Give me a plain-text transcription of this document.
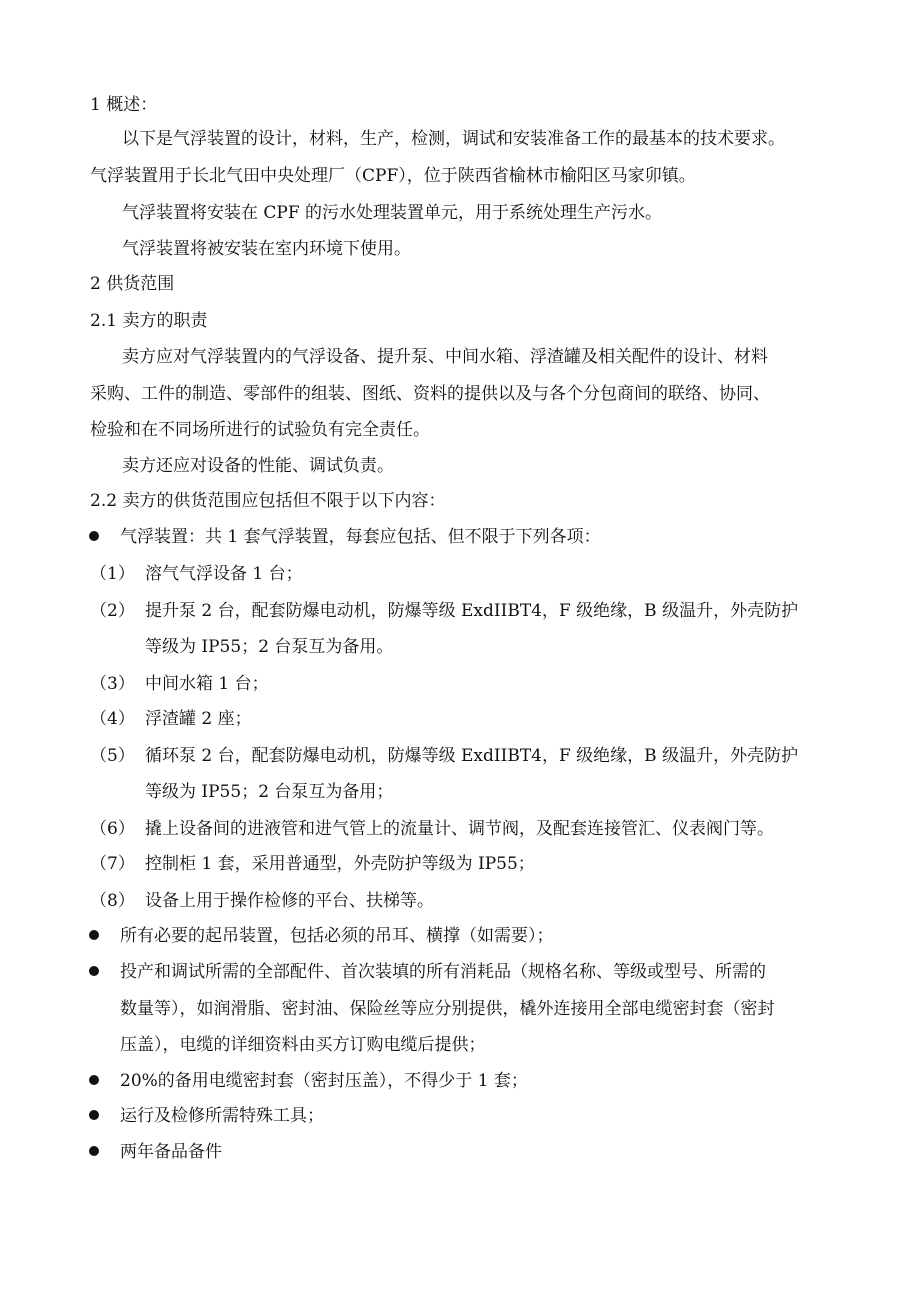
1 概述：
以下是气浮装置的设计，材料，生产，检测，调试和安装准备工作的最基本的技术要求。
气浮装置用于长北气田中央处理厂（CPF），位于陕西省榆林市榆阳区马家卯镇。
气浮装置将安装在 CPF 的污水处理装置单元，用于系统处理生产污水。
气浮装置将被安装在室内环境下使用。
2 供货范围
2.1 卖方的职责
卖方应对气浮装置内的气浮设备、提升泵、中间水箱、浮渣罐及相关配件的设计、材料
采购、工件的制造、零部件的组装、图纸、资料的提供以及与各个分包商间的联络、协同、
检验和在不同场所进行的试验负有完全责任。
卖方还应对设备的性能、调试负责。
2.2 卖方的供货范围应包括但不限于以下内容：
气浮装置：共 1 套气浮装置，每套应包括、但不限于下列各项：
（1） 溶气气浮设备 1 台；
（2） 提升泵 2 台，配套防爆电动机，防爆等级 ExdIIBT4，F 级绝缘，B 级温升，外壳防护
等级为 IP55；2 台泵互为备用。
（3） 中间水箱 1 台；
（4） 浮渣罐 2 座；
（5） 循环泵 2 台，配套防爆电动机，防爆等级 ExdIIBT4，F 级绝缘，B 级温升，外壳防护
等级为 IP55；2 台泵互为备用；
（6） 撬上设备间的进液管和进气管上的流量计、调节阀，及配套连接管汇、仪表阀门等。
（7） 控制柜 1 套，采用普通型，外壳防护等级为 IP55；
（8） 设备上用于操作检修的平台、扶梯等。
所有必要的起吊装置，包括必须的吊耳、横撑（如需要）；
投产和调试所需的全部配件、首次装填的所有消耗品（规格名称、等级或型号、所需的
数量等），如润滑脂、密封油、保险丝等应分别提供，橇外连接用全部电缆密封套（密封
压盖），电缆的详细资料由买方订购电缆后提供；
20%的备用电缆密封套（密封压盖），不得少于 1 套；
运行及检修所需特殊工具；
两年备品备件
